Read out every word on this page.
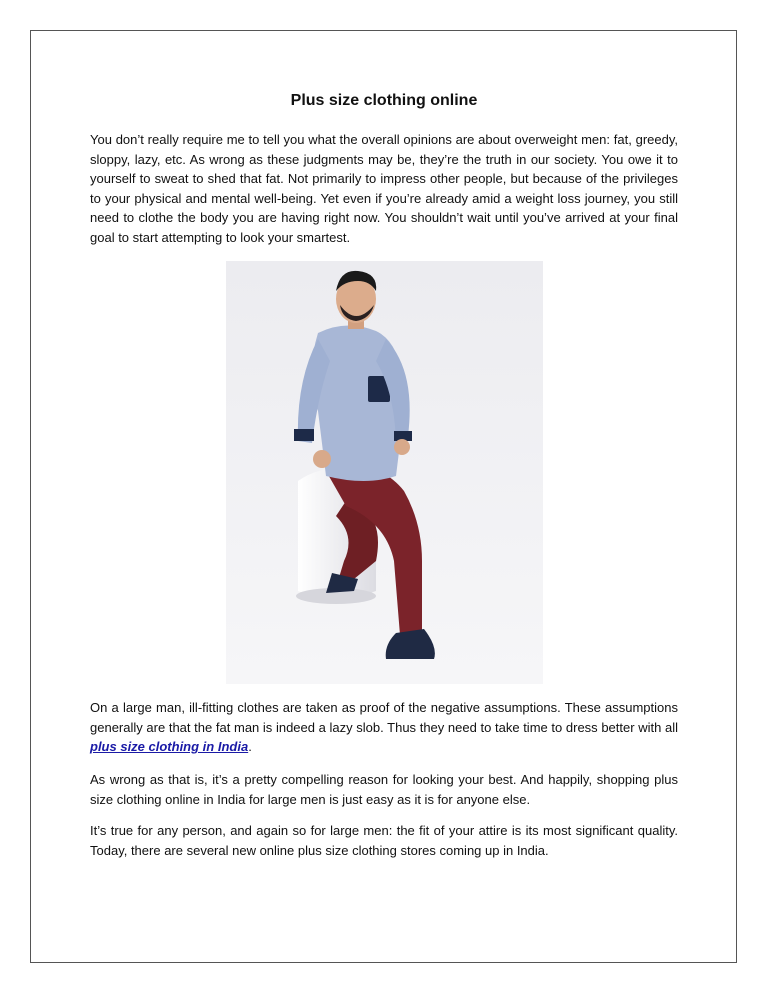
Plus size clothing online

You don’t really require me to tell you what the overall opinions are about overweight men: fat, greedy, sloppy, lazy, etc. As wrong as these judgments may be, they’re the truth in our society. You owe it to yourself to sweat to shed that fat. Not primarily to impress other people, but because of the privileges to your physical and mental well-being. Yet even if you’re already amid a weight loss journey, you still need to clothe the body you are having right now. You shouldn’t wait until you’ve arrived at your final goal to start attempting to look your smartest.

On a large man, ill-fitting clothes are taken as proof of the negative assumptions. These assumptions generally are that the fat man is indeed a lazy slob. Thus they need to take time to dress better with all plus size clothing in India.

As wrong as that is, it’s a pretty compelling reason for looking your best. And happily, shopping plus size clothing online in India for large men is just easy as it is for anyone else.

It’s true for any person, and again so for large men: the fit of your attire is its most significant quality. Today, there are several new online plus size clothing stores coming up in India.
